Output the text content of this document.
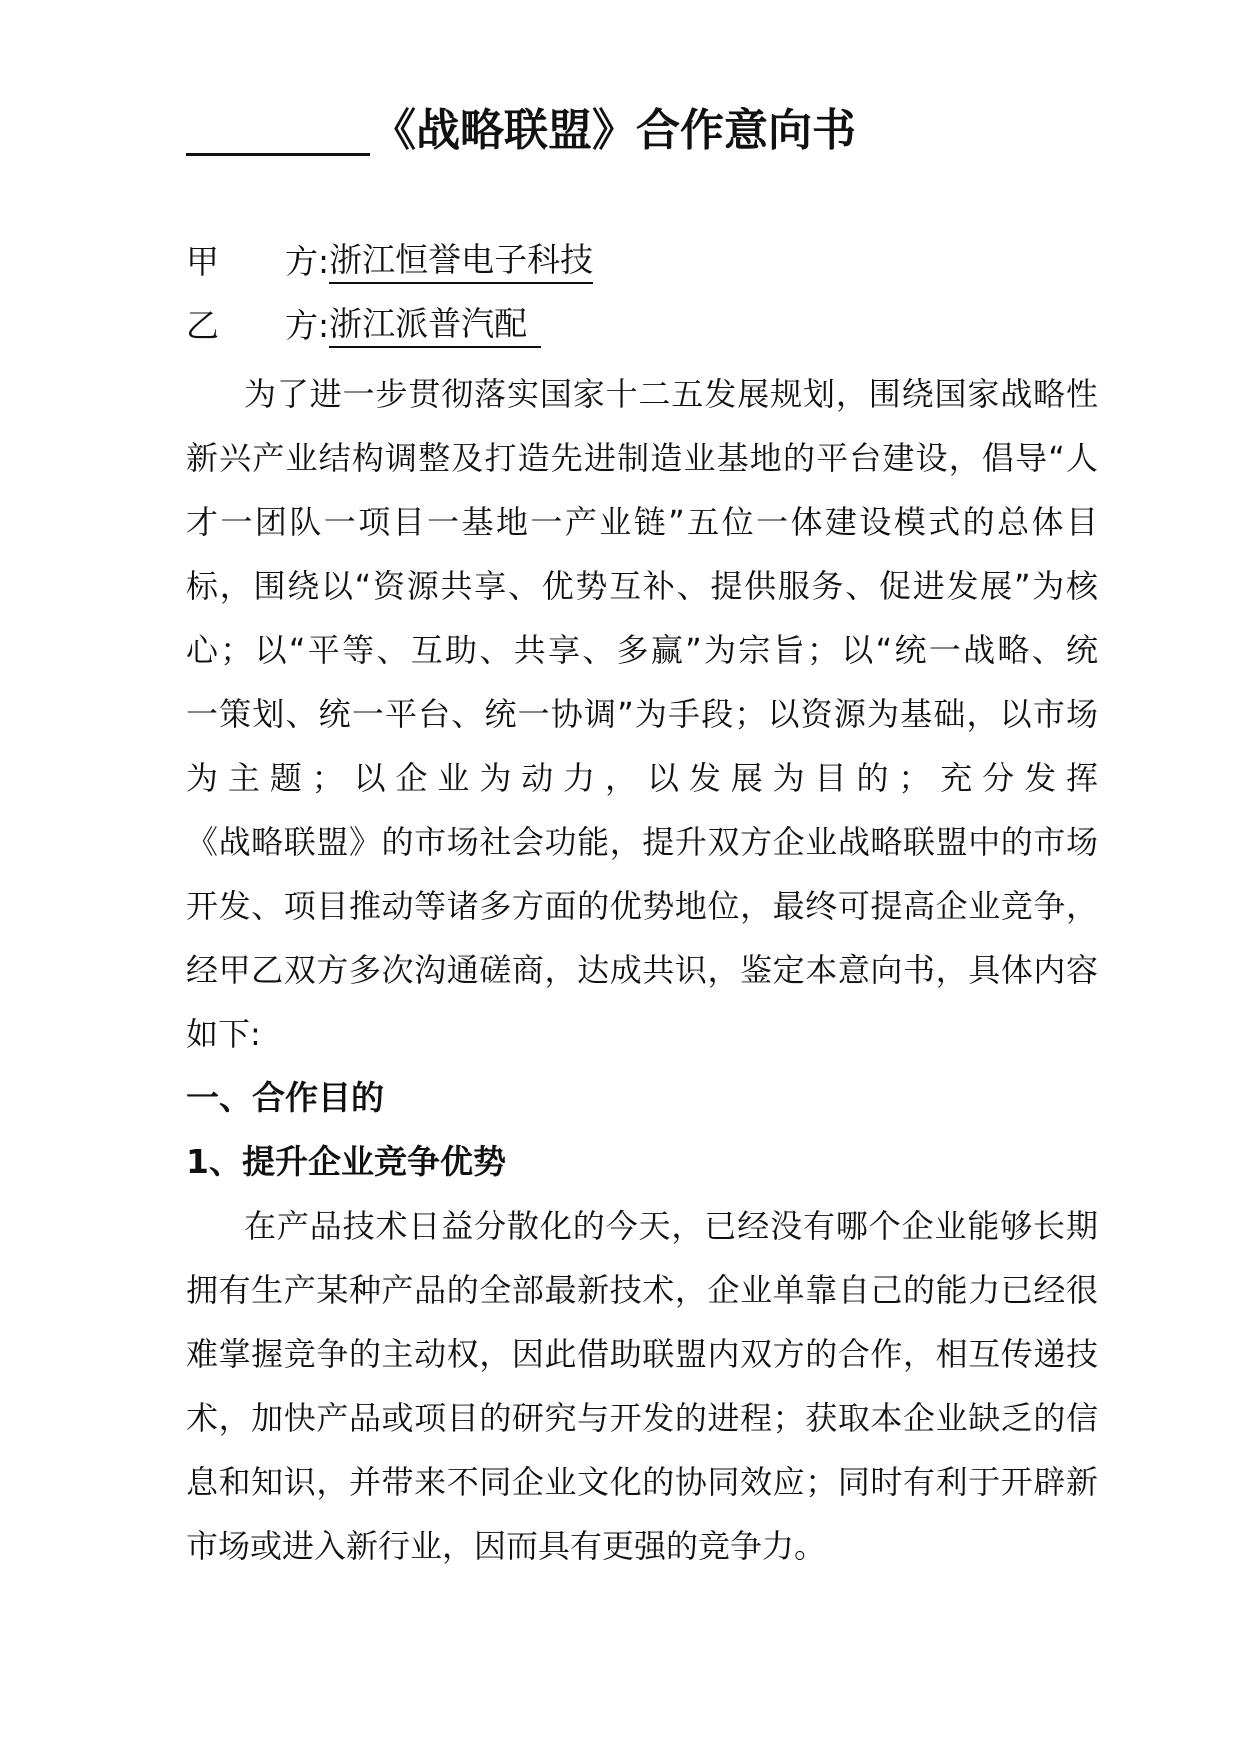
《战略联盟》合作意向书
甲	方: 浙江恒誉电子科技
乙	方: 浙江派普汽配
为了进一步贯彻落实国家十二五发展规划，围绕国家战略性
新兴产业结构调整及打造先进制造业基地的平台建设，倡导“人
才一团队一项目一基地一产业链”五位一体建设模式的总体目
标，围绕以“资源共享、优势互补、提供服务、促进发展”为核
心；以“平等、互助、共享、多赢”为宗旨；以“统一战略、统
一策划、统一平台、统一协调”为手段；以资源为基础，以市场
为主题；以企业为动力，以发展为目的；充分发挥
《战略联盟》的市场社会功能，提升双方企业战略联盟中的市场
开发、项目推动等诸多方面的优势地位，最终可提高企业竞争，
经甲乙双方多次沟通磋商，达成共识，鉴定本意向书，具体内容
如下:
一、合作目的
1、提升企业竞争优势
在产品技术日益分散化的今天，已经没有哪个企业能够长期
拥有生产某种产品的全部最新技术，企业单靠自己的能力已经很
难掌握竞争的主动权，因此借助联盟内双方的合作，相互传递技
术，加快产品或项目的研究与开发的进程；获取本企业缺乏的信
息和知识，并带来不同企业文化的协同效应；同时有利于开辟新
市场或进入新行业，因而具有更强的竞争力。
